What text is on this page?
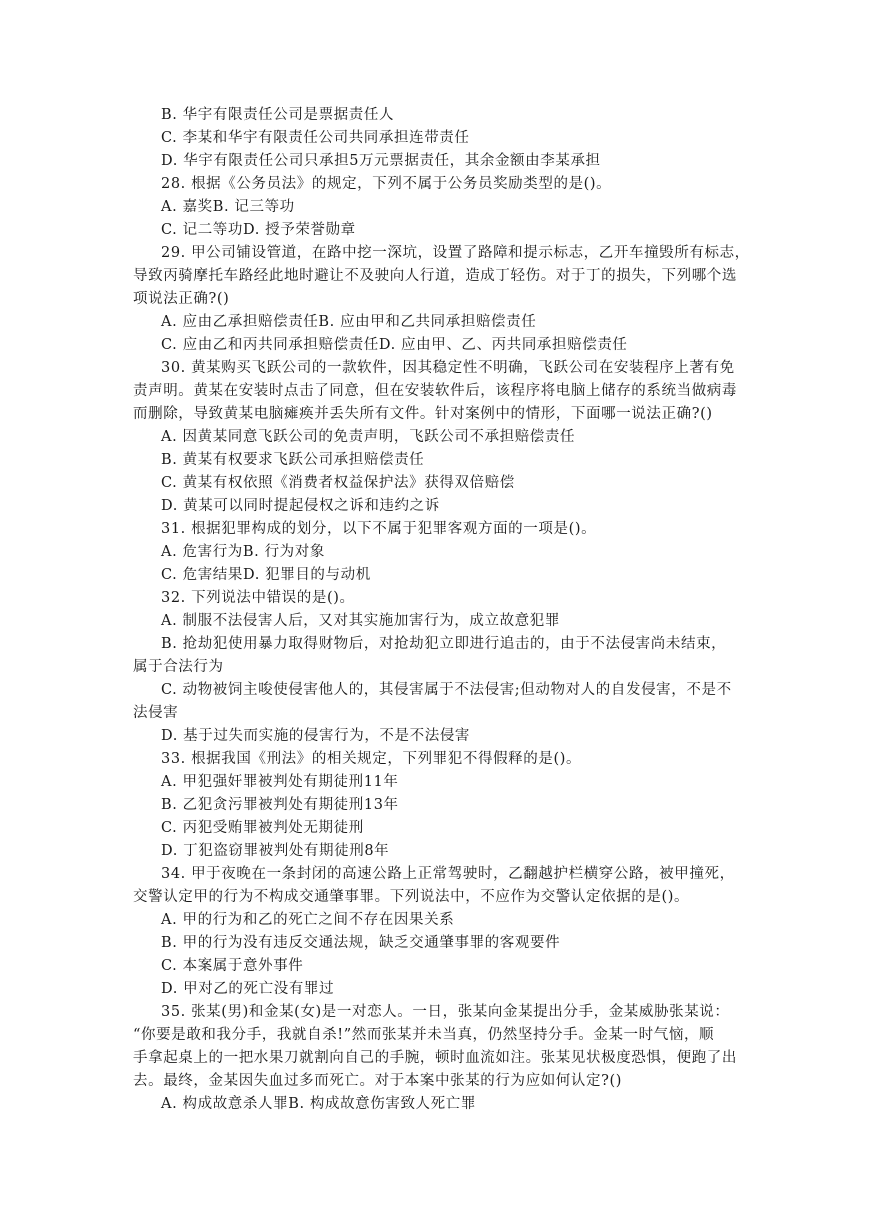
B. 华宇有限责任公司是票据责任人
C. 李某和华宇有限责任公司共同承担连带责任
D. 华宇有限责任公司只承担5万元票据责任，其余金额由李某承担
28. 根据《公务员法》的规定，下列不属于公务员奖励类型的是()。
A. 嘉奖B. 记三等功
C. 记二等功D. 授予荣誉勋章
29. 甲公司铺设管道，在路中挖一深坑，设置了路障和提示标志，乙开车撞毁所有标志，
导致丙骑摩托车路经此地时避让不及驶向人行道，造成丁轻伤。对于丁的损失，下列哪个选
项说法正确?()
A. 应由乙承担赔偿责任B. 应由甲和乙共同承担赔偿责任
C. 应由乙和丙共同承担赔偿责任D. 应由甲、乙、丙共同承担赔偿责任
30. 黄某购买飞跃公司的一款软件，因其稳定性不明确，飞跃公司在安装程序上著有免
责声明。黄某在安装时点击了同意，但在安装软件后，该程序将电脑上储存的系统当做病毒
而删除，导致黄某电脑瘫痪并丢失所有文件。针对案例中的情形，下面哪一说法正确?()
A. 因黄某同意飞跃公司的免责声明，飞跃公司不承担赔偿责任
B. 黄某有权要求飞跃公司承担赔偿责任
C. 黄某有权依照《消费者权益保护法》获得双倍赔偿
D. 黄某可以同时提起侵权之诉和违约之诉
31. 根据犯罪构成的划分，以下不属于犯罪客观方面的一项是()。
A. 危害行为B. 行为对象
C. 危害结果D. 犯罪目的与动机
32. 下列说法中错误的是()。
A. 制服不法侵害人后，又对其实施加害行为，成立故意犯罪
B. 抢劫犯使用暴力取得财物后，对抢劫犯立即进行追击的，由于不法侵害尚未结束，
属于合法行为
C. 动物被饲主唆使侵害他人的，其侵害属于不法侵害;但动物对人的自发侵害，不是不
法侵害
D. 基于过失而实施的侵害行为，不是不法侵害
33. 根据我国《刑法》的相关规定，下列罪犯不得假释的是()。
A. 甲犯强奸罪被判处有期徒刑11年
B. 乙犯贪污罪被判处有期徒刑13年
C. 丙犯受贿罪被判处无期徒刑
D. 丁犯盗窃罪被判处有期徒刑8年
34. 甲于夜晚在一条封闭的高速公路上正常驾驶时，乙翻越护栏横穿公路，被甲撞死，
交警认定甲的行为不构成交通肇事罪。下列说法中，不应作为交警认定依据的是()。
A. 甲的行为和乙的死亡之间不存在因果关系
B. 甲的行为没有违反交通法规，缺乏交通肇事罪的客观要件
C. 本案属于意外事件
D. 甲对乙的死亡没有罪过
35. 张某(男)和金某(女)是一对恋人。一日，张某向金某提出分手，金某威胁张某说：
“你要是敢和我分手，我就自杀!”然而张某并未当真，仍然坚持分手。金某一时气恼，顺
手拿起桌上的一把水果刀就割向自己的手腕，顿时血流如注。张某见状极度恐惧，便跑了出
去。最终，金某因失血过多而死亡。对于本案中张某的行为应如何认定?()
A. 构成故意杀人罪B. 构成故意伤害致人死亡罪
